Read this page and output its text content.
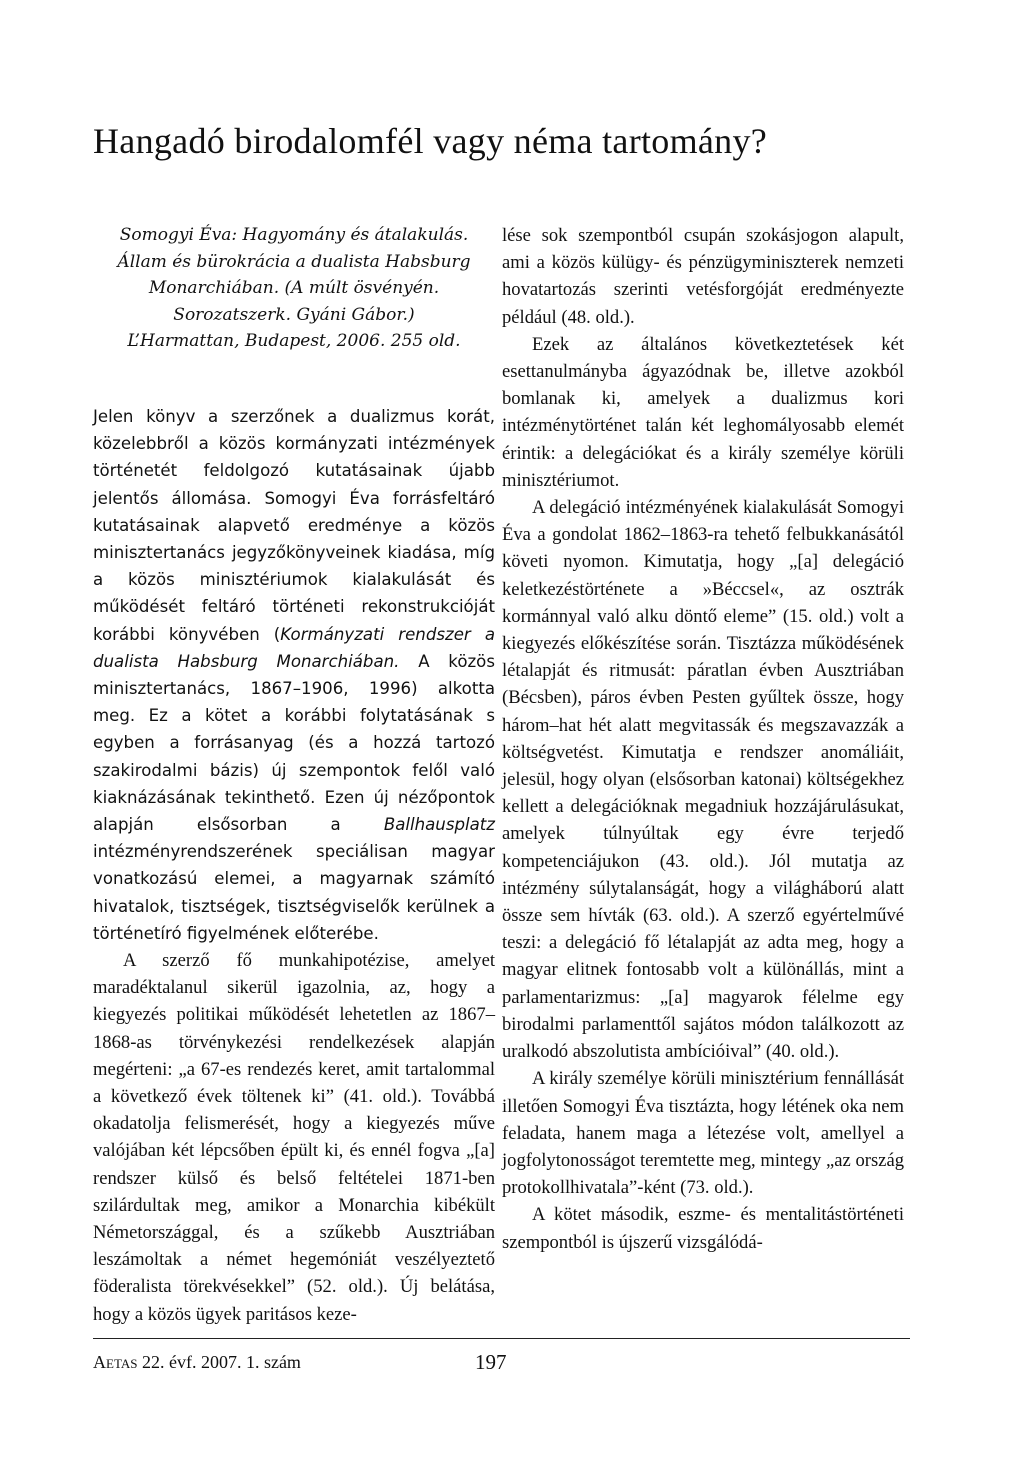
Hangadó birodalomfél vagy néma tartomány?
Somogyi Éva: Hagyomány és átalakulás. Állam és bürokrácia a dualista Habsburg Monarchiában. (A múlt ösvényén. Sorozatszerk. Gyáni Gábor.) L’Harmattan, Budapest, 2006. 255 old.

Jelen könyv a szerzőnek a dualizmus korát, közelebbről a közös kormányzati intézmények történetét feldolgozó kutatásainak újabb jelentős állomása. Somogyi Éva forrásfeltáró kutatásainak alapvető eredménye a közös minisztertanács jegyzőkönyveinek kiadása, míg a közös minisztériumok kialakulását és működését feltáró történeti rekonstrukcióját korábbi könyvében (Kormányzati rendszer a dualista Habsburg Monarchiában. A közös minisztertanács, 1867–1906, 1996) alkotta meg. Ez a kötet a korábbi folytatásának s egyben a forrásanyag (és a hozzá tartozó szakirodalmi bázis) új szempontok felől való kiaknázásának tekinthető. Ezen új nézőpontok alapján elsősorban a Ballhausplatz intézményrendszerének speciálisan magyar vonatkozású elemei, a magyarnak számító hivatalok, tisztségek, tisztségviselők kerülnek a történetíró figyelmének előterébe.

A szerző fő munkahipotézise, amelyet maradéktalanul sikerül igazolnia, az, hogy a kiegyezés politikai működését lehetetlen az 1867–1868-as törvénykezési rendelkezések alapján megérteni: „a 67-es rendezés keret, amit tartalommal a következő évek töltenek ki” (41. old.). Továbbá okadatolja felismerését, hogy a kiegyezés műve valójában két lépcsőben épült ki, és ennél fogva „[a] rendszer külső és belső feltételei 1871-ben szilárdultak meg, amikor a Monarchia kibékült Németországgal, és a szűkebb Ausztriában leszámoltak a német hegemóniát veszélyeztető föderalista törekvésekkel” (52. old.). Új belátása, hogy a közös ügyek paritásos keze-

lése sok szempontból csupán szokásjogon alapult, ami a közös külügy- és pénzügyminiszterek nemzeti hovatartozás szerinti vetésforgóját eredményezte például (48. old.).

Ezek az általános következtetések két esettanulmányba ágyazódnak be, illetve azokból bomlanak ki, amelyek a dualizmus kori intézménytörténet talán két leghomályosabb elemét érintik: a delegációkat és a király személye körüli minisztériumot.

A delegáció intézményének kialakulását Somogyi Éva a gondolat 1862–1863-ra tehető felbukkanásától követi nyomon. Kimutatja, hogy „[a] delegáció keletkezéstörténete a »Béccsel«, az osztrák kormánnyal való alku döntő eleme” (15. old.) volt a kiegyezés előkészítése során. Tisztázza működésének létalapját és ritmusát: páratlan évben Ausztriában (Bécsben), páros évben Pesten gyűltek össze, hogy három–hat hét alatt megvitassák és megszavazzák a költségvetést. Kimutatja e rendszer anomáliáit, jelesül, hogy olyan (elsősorban katonai) költségekhez kellett a delegációknak megadniuk hozzájárulásukat, amelyek túlnyúltak egy évre terjedő kompetenciájukon (43. old.). Jól mutatja az intézmény súlytalanságát, hogy a világháború alatt össze sem hívták (63. old.). A szerző egyértelművé teszi: a delegáció fő létalapját az adta meg, hogy a magyar elitnek fontosabb volt a különállás, mint a parlamentarizmus: „[a] magyarok félelme egy birodalmi parlamenttől sajátos módon találkozott az uralkodó abszolutista ambícióival” (40. old.).

A király személye körüli minisztérium fennállását illetően Somogyi Éva tisztázta, hogy létének oka nem feladata, hanem maga a létezése volt, amellyel a jogfolytonosságot teremtette meg, mintegy „az ország protokollhivatala”-ként (73. old.).

A kötet második, eszme- és mentalitástörténeti szempontból is újszerű vizsgálódá-

Aetas 22. évf. 2007. 1. szám	197
